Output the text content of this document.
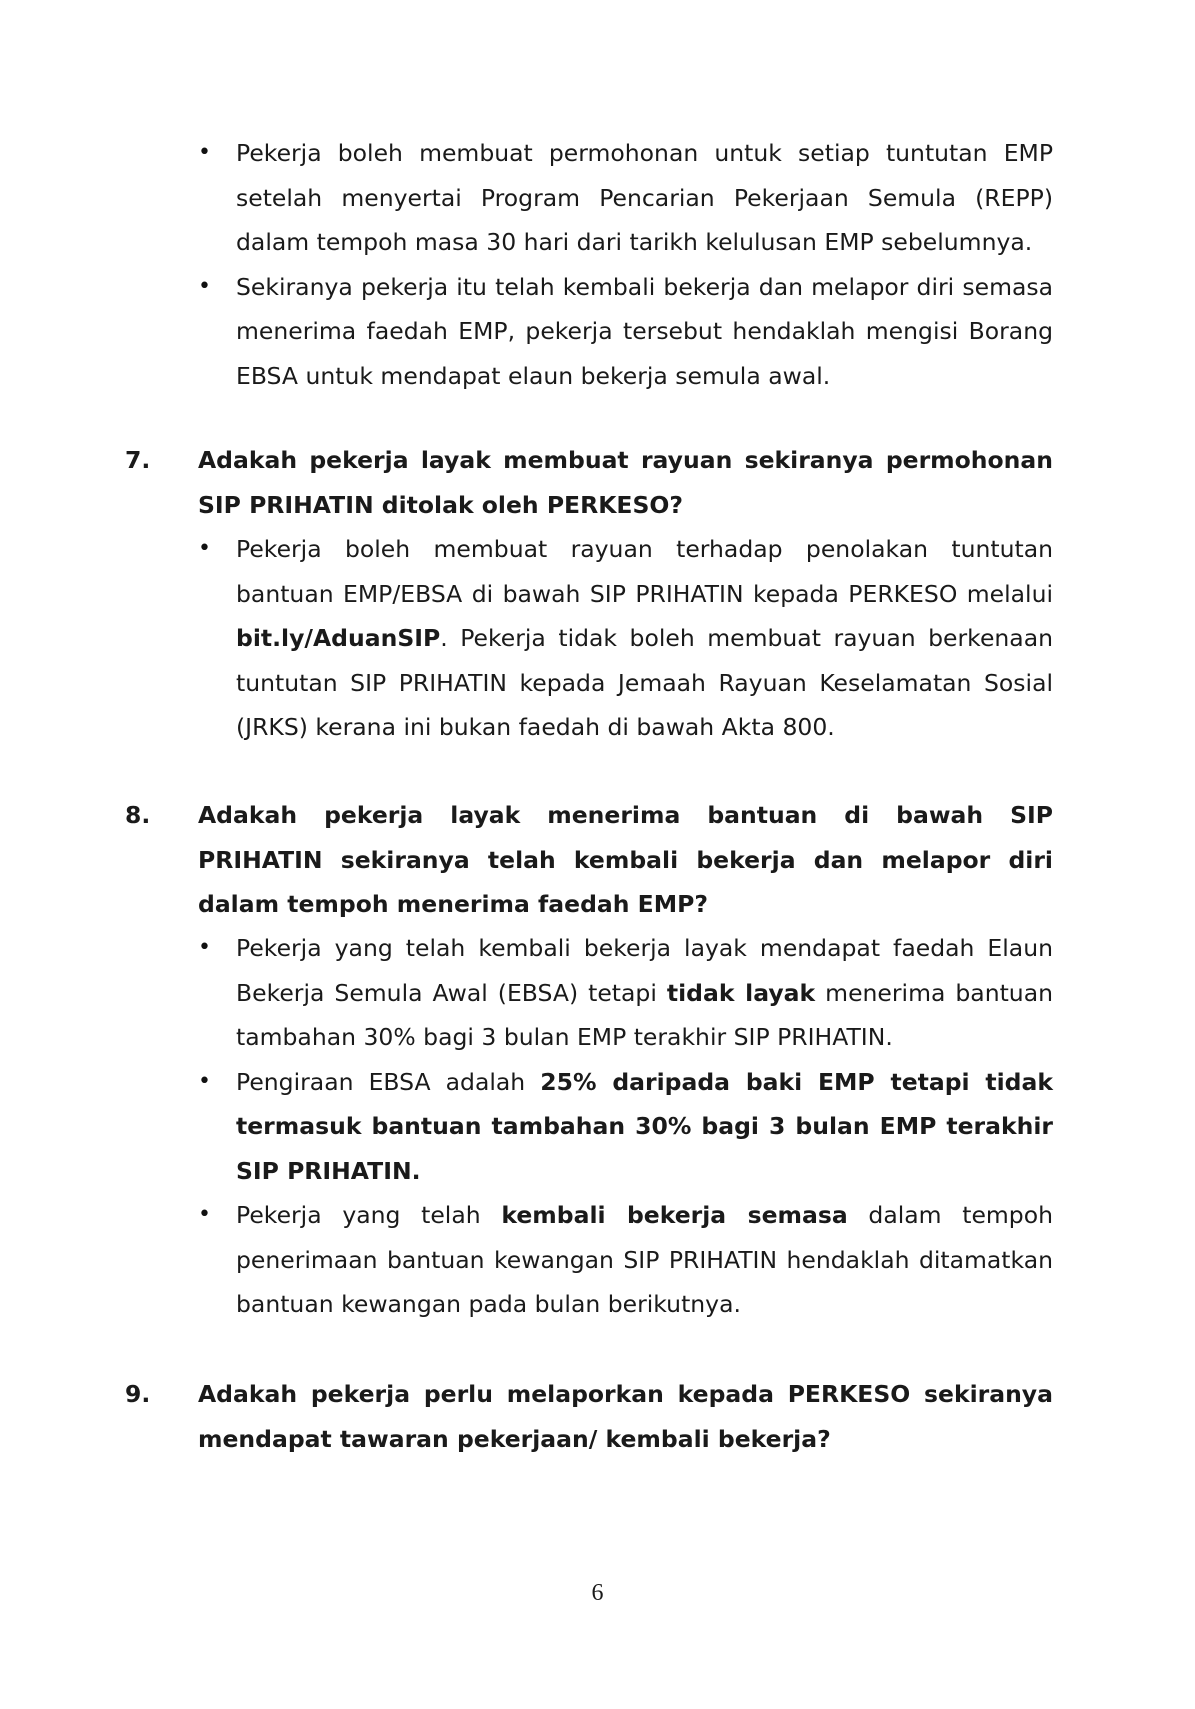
• Pekerja boleh membuat permohonan untuk setiap tuntutan EMP setelah menyertai Program Pencarian Pekerjaan Semula (REPP) dalam tempoh masa 30 hari dari tarikh kelulusan EMP sebelumnya.
• Sekiranya pekerja itu telah kembali bekerja dan melapor diri semasa menerima faedah EMP, pekerja tersebut hendaklah mengisi Borang EBSA untuk mendapat elaun bekerja semula awal.
7.	Adakah pekerja layak membuat rayuan sekiranya permohonan SIP PRIHATIN ditolak oleh PERKESO?
• Pekerja boleh membuat rayuan terhadap penolakan tuntutan bantuan EMP/EBSA di bawah SIP PRIHATIN kepada PERKESO melalui bit.ly/AduanSIP. Pekerja tidak boleh membuat rayuan berkenaan tuntutan SIP PRIHATIN kepada Jemaah Rayuan Keselamatan Sosial (JRKS) kerana ini bukan faedah di bawah Akta 800.
8.	Adakah pekerja layak menerima bantuan di bawah SIP PRIHATIN sekiranya telah kembali bekerja dan melapor diri dalam tempoh menerima faedah EMP?
• Pekerja yang telah kembali bekerja layak mendapat faedah Elaun Bekerja Semula Awal (EBSA) tetapi tidak layak menerima bantuan tambahan 30% bagi 3 bulan EMP terakhir SIP PRIHATIN.
• Pengiraan EBSA adalah 25% daripada baki EMP tetapi tidak termasuk bantuan tambahan 30% bagi 3 bulan EMP terakhir SIP PRIHATIN.
• Pekerja yang telah kembali bekerja semasa dalam tempoh penerimaan bantuan kewangan SIP PRIHATIN hendaklah ditamatkan bantuan kewangan pada bulan berikutnya.
9.	Adakah pekerja perlu melaporkan kepada PERKESO sekiranya mendapat tawaran pekerjaan/ kembali bekerja?
6
